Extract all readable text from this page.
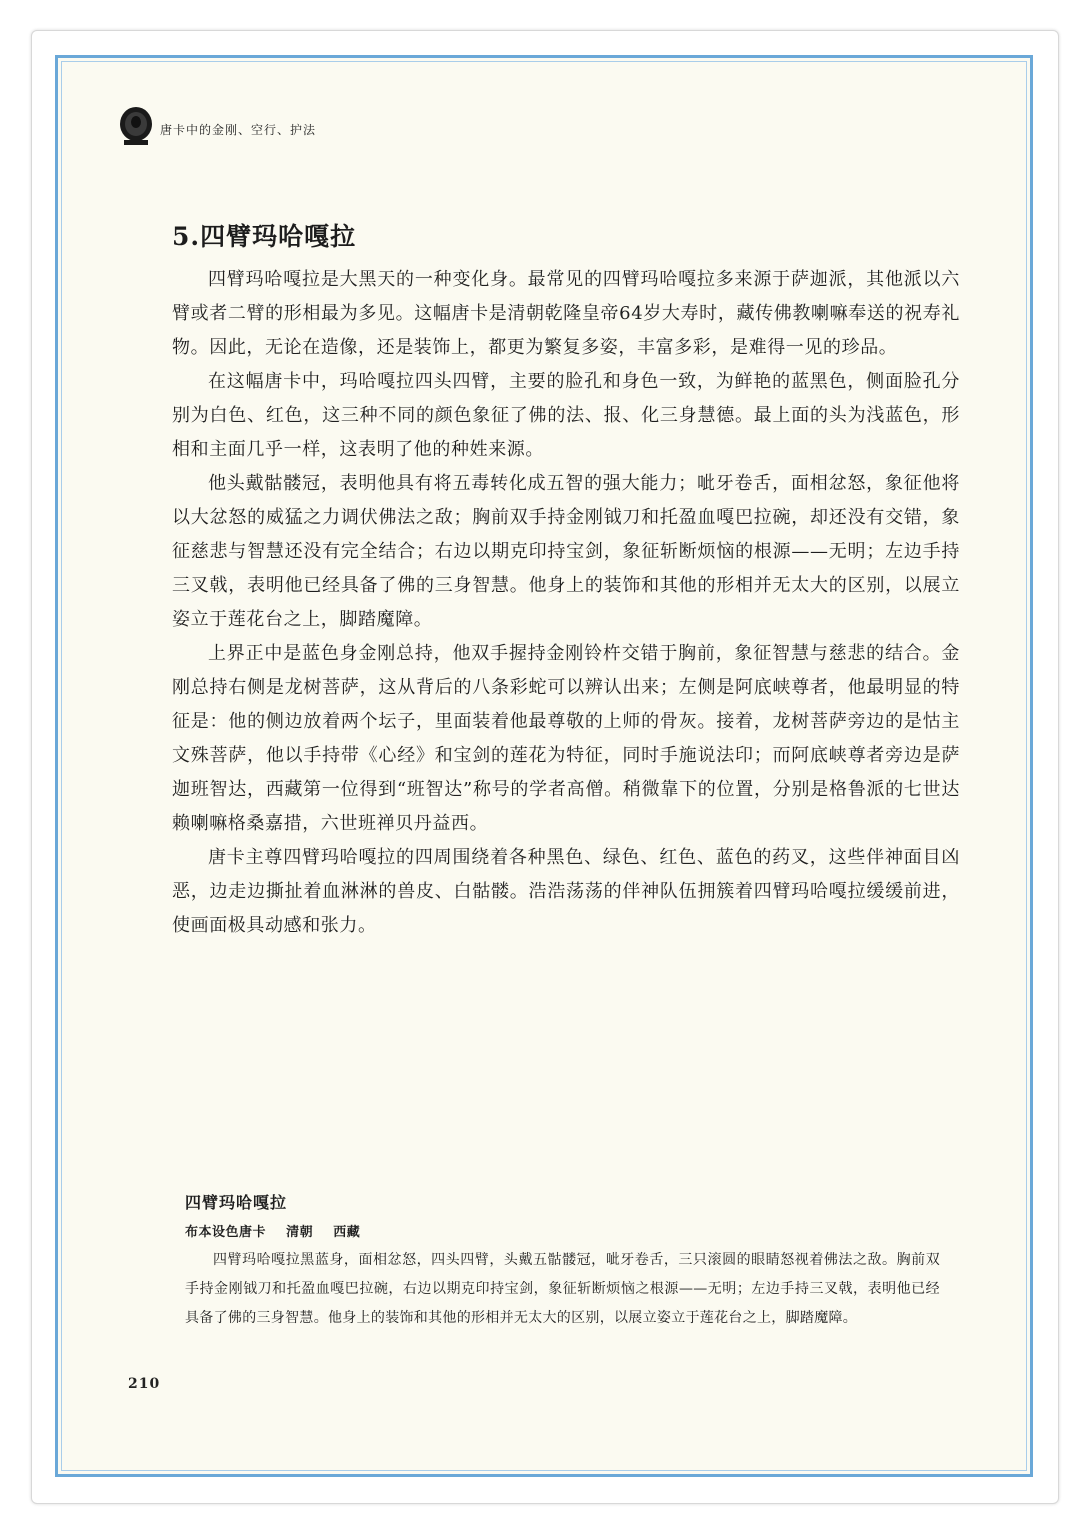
唐卡中的金刚、空行、护法
5.四臂玛哈嘎拉

四臂玛哈嘎拉是大黑天的一种变化身。最常见的四臂玛哈嘎拉多来源于萨迦派，其他派以六臂或者二臂的形相最为多见。这幅唐卡是清朝乾隆皇帝64岁大寿时，藏传佛教喇嘛奉送的祝寿礼物。因此，无论在造像，还是装饰上，都更为繁复多姿，丰富多彩，是难得一见的珍品。

在这幅唐卡中，玛哈嘎拉四头四臂，主要的脸孔和身色一致，为鲜艳的蓝黑色，侧面脸孔分别为白色、红色，这三种不同的颜色象征了佛的法、报、化三身慧德。最上面的头为浅蓝色，形相和主面几乎一样，这表明了他的种姓来源。

他头戴骷髅冠，表明他具有将五毒转化成五智的强大能力；呲牙卷舌，面相忿怒，象征他将以大忿怒的威猛之力调伏佛法之敌；胸前双手持金刚钺刀和托盈血嘎巴拉碗，却还没有交错，象征慈悲与智慧还没有完全结合；右边以期克印持宝剑，象征斩断烦恼的根源——无明；左边手持三叉戟，表明他已经具备了佛的三身智慧。他身上的装饰和其他的形相并无太大的区别，以展立姿立于莲花台之上，脚踏魔障。

上界正中是蓝色身金刚总持，他双手握持金刚铃杵交错于胸前，象征智慧与慈悲的结合。金刚总持右侧是龙树菩萨，这从背后的八条彩蛇可以辨认出来；左侧是阿底峡尊者，他最明显的特征是：他的侧边放着两个坛子，里面装着他最尊敬的上师的骨灰。接着，龙树菩萨旁边的是怙主文殊菩萨，他以手持带《心经》和宝剑的莲花为特征，同时手施说法印；而阿底峡尊者旁边是萨迦班智达，西藏第一位得到“班智达”称号的学者高僧。稍微靠下的位置，分别是格鲁派的七世达赖喇嘛格桑嘉措，六世班禅贝丹益西。

唐卡主尊四臂玛哈嘎拉的四周围绕着各种黑色、绿色、红色、蓝色的药叉，这些伴神面目凶恶，边走边撕扯着血淋淋的兽皮、白骷髅。浩浩荡荡的伴神队伍拥簇着四臂玛哈嘎拉缓缓前进，使画面极具动感和张力。

四臂玛哈嘎拉
布本设色唐卡    清朝    西藏

四臂玛哈嘎拉黑蓝身，面相忿怒，四头四臂，头戴五骷髅冠，呲牙卷舌，三只滚圆的眼睛怒视着佛法之敌。胸前双手持金刚钺刀和托盈血嘎巴拉碗，右边以期克印持宝剑，象征斩断烦恼之根源——无明；左边手持三叉戟，表明他已经具备了佛的三身智慧。他身上的装饰和其他的形相并无太大的区别，以展立姿立于莲花台之上，脚踏魔障。

210
